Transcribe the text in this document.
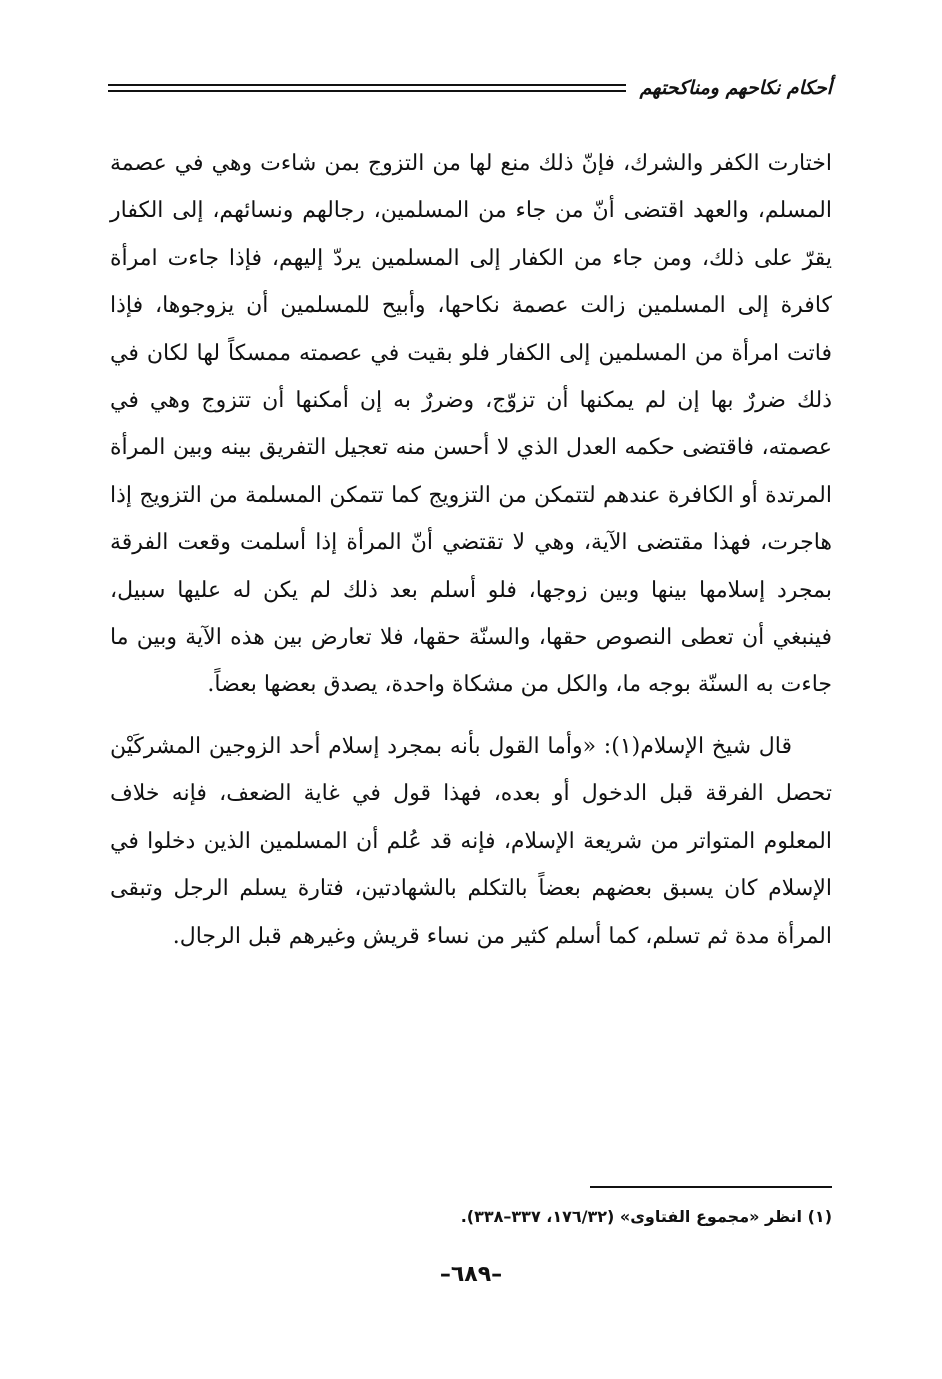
أحكام نكاحهم ومناكحتهم

اختارت الكفر والشرك، فإنّ ذلك منع لها من التزوج بمن شاءت وهي في عصمة المسلم، والعهد اقتضى أنّ من جاء من المسلمين، رجالهم ونسائهم، إلى الكفار يقرّ على ذلك، ومن جاء من الكفار إلى المسلمين يردّ إليهم، فإذا جاءت امرأة كافرة إلى المسلمين زالت عصمة نكاحها، وأبيح للمسلمين أن يزوجوها، فإذا فاتت امرأة من المسلمين إلى الكفار فلو بقيت في عصمته ممسكاً لها لكان في ذلك ضررٌ بها إن لم يمكنها أن تزوّج، وضررٌ به إن أمكنها أن تتزوج وهي في عصمته، فاقتضى حكمه العدل الذي لا أحسن منه تعجيل التفريق بينه وبين المرأة المرتدة أو الكافرة عندهم لتتمكن من التزويج كما تتمكن المسلمة من التزويج إذا هاجرت، فهذا مقتضى الآية، وهي لا تقتضي أنّ المرأة إذا أسلمت وقعت الفرقة بمجرد إسلامها بينها وبين زوجها، فلو أسلم بعد ذلك لم يكن له عليها سبيل، فينبغي أن تعطى النصوص حقها، والسنّة حقها، فلا تعارض بين هذه الآية وبين ما جاءت به السنّة بوجه ما، والكل من مشكاة واحدة، يصدق بعضها بعضاً.

قال شيخ الإسلام(١): «وأما القول بأنه بمجرد إسلام أحد الزوجين المشركَيْن تحصل الفرقة قبل الدخول أو بعده، فهذا قول في غاية الضعف، فإنه خلاف المعلوم المتواتر من شريعة الإسلام، فإنه قد عُلم أن المسلمين الذين دخلوا في الإسلام كان يسبق بعضهم بعضاً بالتكلم بالشهادتين، فتارة يسلم الرجل وتبقى المرأة مدة ثم تسلم، كما أسلم كثير من نساء قريش وغيرهم قبل الرجال.

(١) انظر «مجموع الفتاوى» (١٧٦/٣٢، ٣٣٧–٣٣٨).
–٦٨٩–
